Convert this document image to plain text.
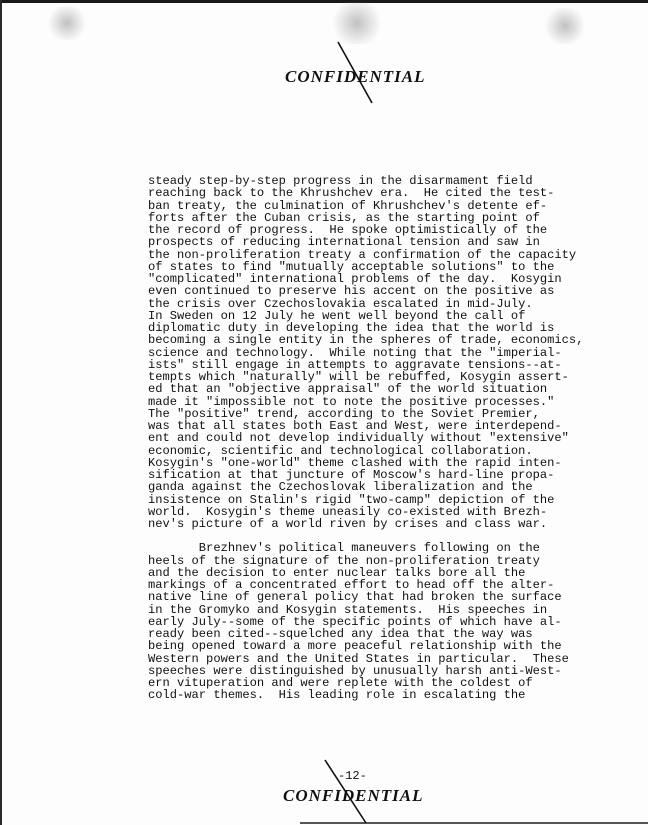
CONFIDENTIAL
steady step-by-step progress in the disarmament field
reaching back to the Khrushchev era.  He cited the test-
ban treaty, the culmination of Khrushchev's detente ef-
forts after the Cuban crisis, as the starting point of
the record of progress.  He spoke optimistically of the
prospects of reducing international tension and saw in
the non-proliferation treaty a confirmation of the capacity
of states to find "mutually acceptable solutions" to the
"complicated" international problems of the day.  Kosygin
even continued to preserve his accent on the positive as
the crisis over Czechoslovakia escalated in mid-July.
In Sweden on 12 July he went well beyond the call of
diplomatic duty in developing the idea that the world is
becoming a single entity in the spheres of trade, economics,
science and technology.  While noting that the "imperial-
ists" still engage in attempts to aggravate tensions--at-
tempts which "naturally" will be rebuffed, Kosygin assert-
ed that an "objective appraisal" of the world situation
made it "impossible not to note the positive processes."
The "positive" trend, according to the Soviet Premier,
was that all states both East and West, were interdepend-
ent and could not develop individually without "extensive"
economic, scientific and technological collaboration.
Kosygin's "one-world" theme clashed with the rapid inten-
sification at that juncture of Moscow's hard-line propa-
ganda against the Czechoslovak liberalization and the
insistence on Stalin's rigid "two-camp" depiction of the
world.  Kosygin's theme uneasily co-existed with Brezh-
nev's picture of a world riven by crises and class war.
Brezhnev's political maneuvers following on the
heels of the signature of the non-proliferation treaty
and the decision to enter nuclear talks bore all the
markings of a concentrated effort to head off the alter-
native line of general policy that had broken the surface
in the Gromyko and Kosygin statements.  His speeches in
early July--some of the specific points of which have al-
ready been cited--squelched any idea that the way was
being opened toward a more peaceful relationship with the
Western powers and the United States in particular.  These
speeches were distinguished by unusually harsh anti-West-
ern vituperation and were replete with the coldest of
cold-war themes.  His leading role in escalating the
-12-
CONFIDENTIAL
